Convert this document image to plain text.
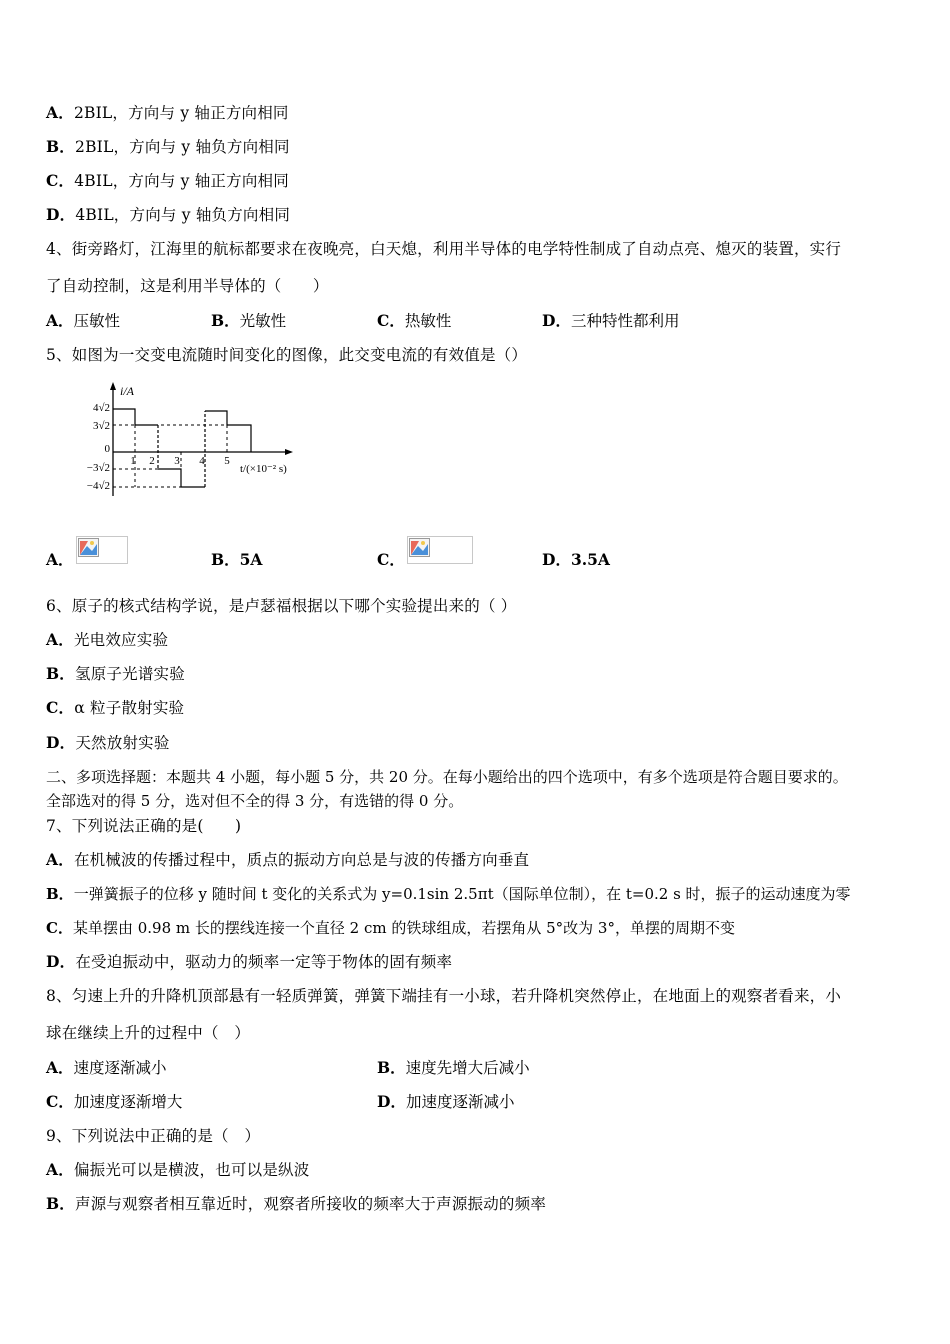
A．2BIL，方向与 y 轴正方向相同
B．2BIL，方向与 y 轴负方向相同
C．4BIL，方向与 y 轴正方向相同
D．4BIL，方向与 y 轴负方向相同
4、街旁路灯，江海里的航标都要求在夜晚亮，白天熄，利用半导体的电学特性制成了自动点亮、熄灭的装置，实行
了自动控制，这是利用半导体的（　　）
A．压敏性	B．光敏性	C．热敏性	D．三种特性都利用
5、如图为一交变电流随时间变化的图像，此交变电流的有效值是（）
i/A
t/(×10⁻² s)
4√2
3√2
0
−3√2
−4√2
1 2 3 4 5
A．	B．5A	C．	D．3.5A
6、原子的核式结构学说，是卢瑟福根据以下哪个实验提出来的（ ）
A．光电效应实验
B．氢原子光谱实验
C．α 粒子散射实验
D．天然放射实验
二、多项选择题：本题共 4 小题，每小题 5 分，共 20 分。在每小题给出的四个选项中，有多个选项是符合题目要求的。
全部选对的得 5 分，选对但不全的得 3 分，有选错的得 0 分。
7、下列说法正确的是(　　)
A．在机械波的传播过程中，质点的振动方向总是与波的传播方向垂直
B．一弹簧振子的位移 y 随时间 t 变化的关系式为 y=0.1sin 2.5πt（国际单位制），在 t=0.2 s 时，振子的运动速度为零
C．某单摆由 0.98 m 长的摆线连接一个直径 2 cm 的铁球组成，若摆角从 5°改为 3°，单摆的周期不变
D．在受迫振动中，驱动力的频率一定等于物体的固有频率
8、匀速上升的升降机顶部悬有一轻质弹簧，弹簧下端挂有一小球，若升降机突然停止，在地面上的观察者看来，小
球在继续上升的过程中（　）
A．速度逐渐减小	B．速度先增大后减小
C．加速度逐渐增大	D．加速度逐渐减小
9、下列说法中正确的是（　）
A．偏振光可以是横波，也可以是纵波
B．声源与观察者相互靠近时，观察者所接收的频率大于声源振动的频率
